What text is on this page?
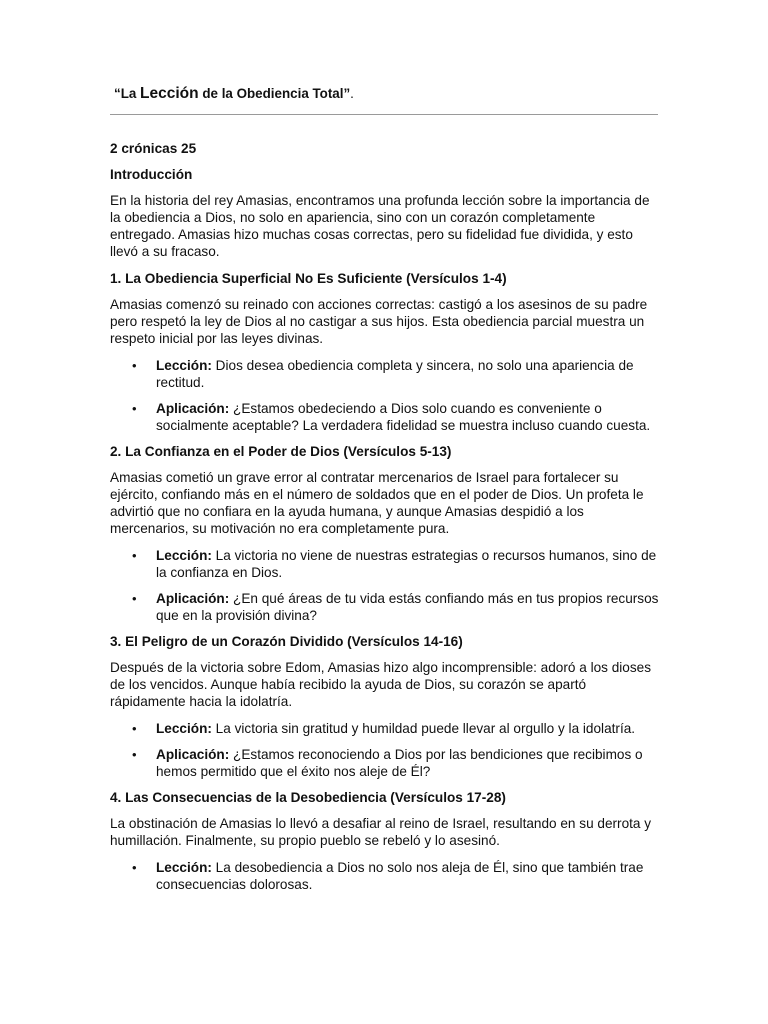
“La Lección de la Obediencia Total”.
2 crónicas 25
Introducción
En la historia del rey Amasias, encontramos una profunda lección sobre la importancia de la obediencia a Dios, no solo en apariencia, sino con un corazón completamente entregado. Amasias hizo muchas cosas correctas, pero su fidelidad fue dividida, y esto llevó a su fracaso.
1. La Obediencia Superficial No Es Suficiente (Versículos 1-4)
Amasias comenzó su reinado con acciones correctas: castigó a los asesinos de su padre pero respetó la ley de Dios al no castigar a sus hijos. Esta obediencia parcial muestra un respeto inicial por las leyes divinas.
• Lección: Dios desea obediencia completa y sincera, no solo una apariencia de rectitud.
• Aplicación: ¿Estamos obedeciendo a Dios solo cuando es conveniente o socialmente aceptable? La verdadera fidelidad se muestra incluso cuando cuesta.
2. La Confianza en el Poder de Dios (Versículos 5-13)
Amasias cometió un grave error al contratar mercenarios de Israel para fortalecer su ejército, confiando más en el número de soldados que en el poder de Dios. Un profeta le advirtió que no confiara en la ayuda humana, y aunque Amasias despidió a los mercenarios, su motivación no era completamente pura.
• Lección: La victoria no viene de nuestras estrategias o recursos humanos, sino de la confianza en Dios.
• Aplicación: ¿En qué áreas de tu vida estás confiando más en tus propios recursos que en la provisión divina?
3. El Peligro de un Corazón Dividido (Versículos 14-16)
Después de la victoria sobre Edom, Amasias hizo algo incomprensible: adoró a los dioses de los vencidos. Aunque había recibido la ayuda de Dios, su corazón se apartó rápidamente hacia la idolatría.
• Lección: La victoria sin gratitud y humildad puede llevar al orgullo y la idolatría.
• Aplicación: ¿Estamos reconociendo a Dios por las bendiciones que recibimos o hemos permitido que el éxito nos aleje de Él?
4. Las Consecuencias de la Desobediencia (Versículos 17-28)
La obstinación de Amasias lo llevó a desafiar al reino de Israel, resultando en su derrota y humillación. Finalmente, su propio pueblo se rebeló y lo asesinó.
• Lección: La desobediencia a Dios no solo nos aleja de Él, sino que también trae consecuencias dolorosas.
